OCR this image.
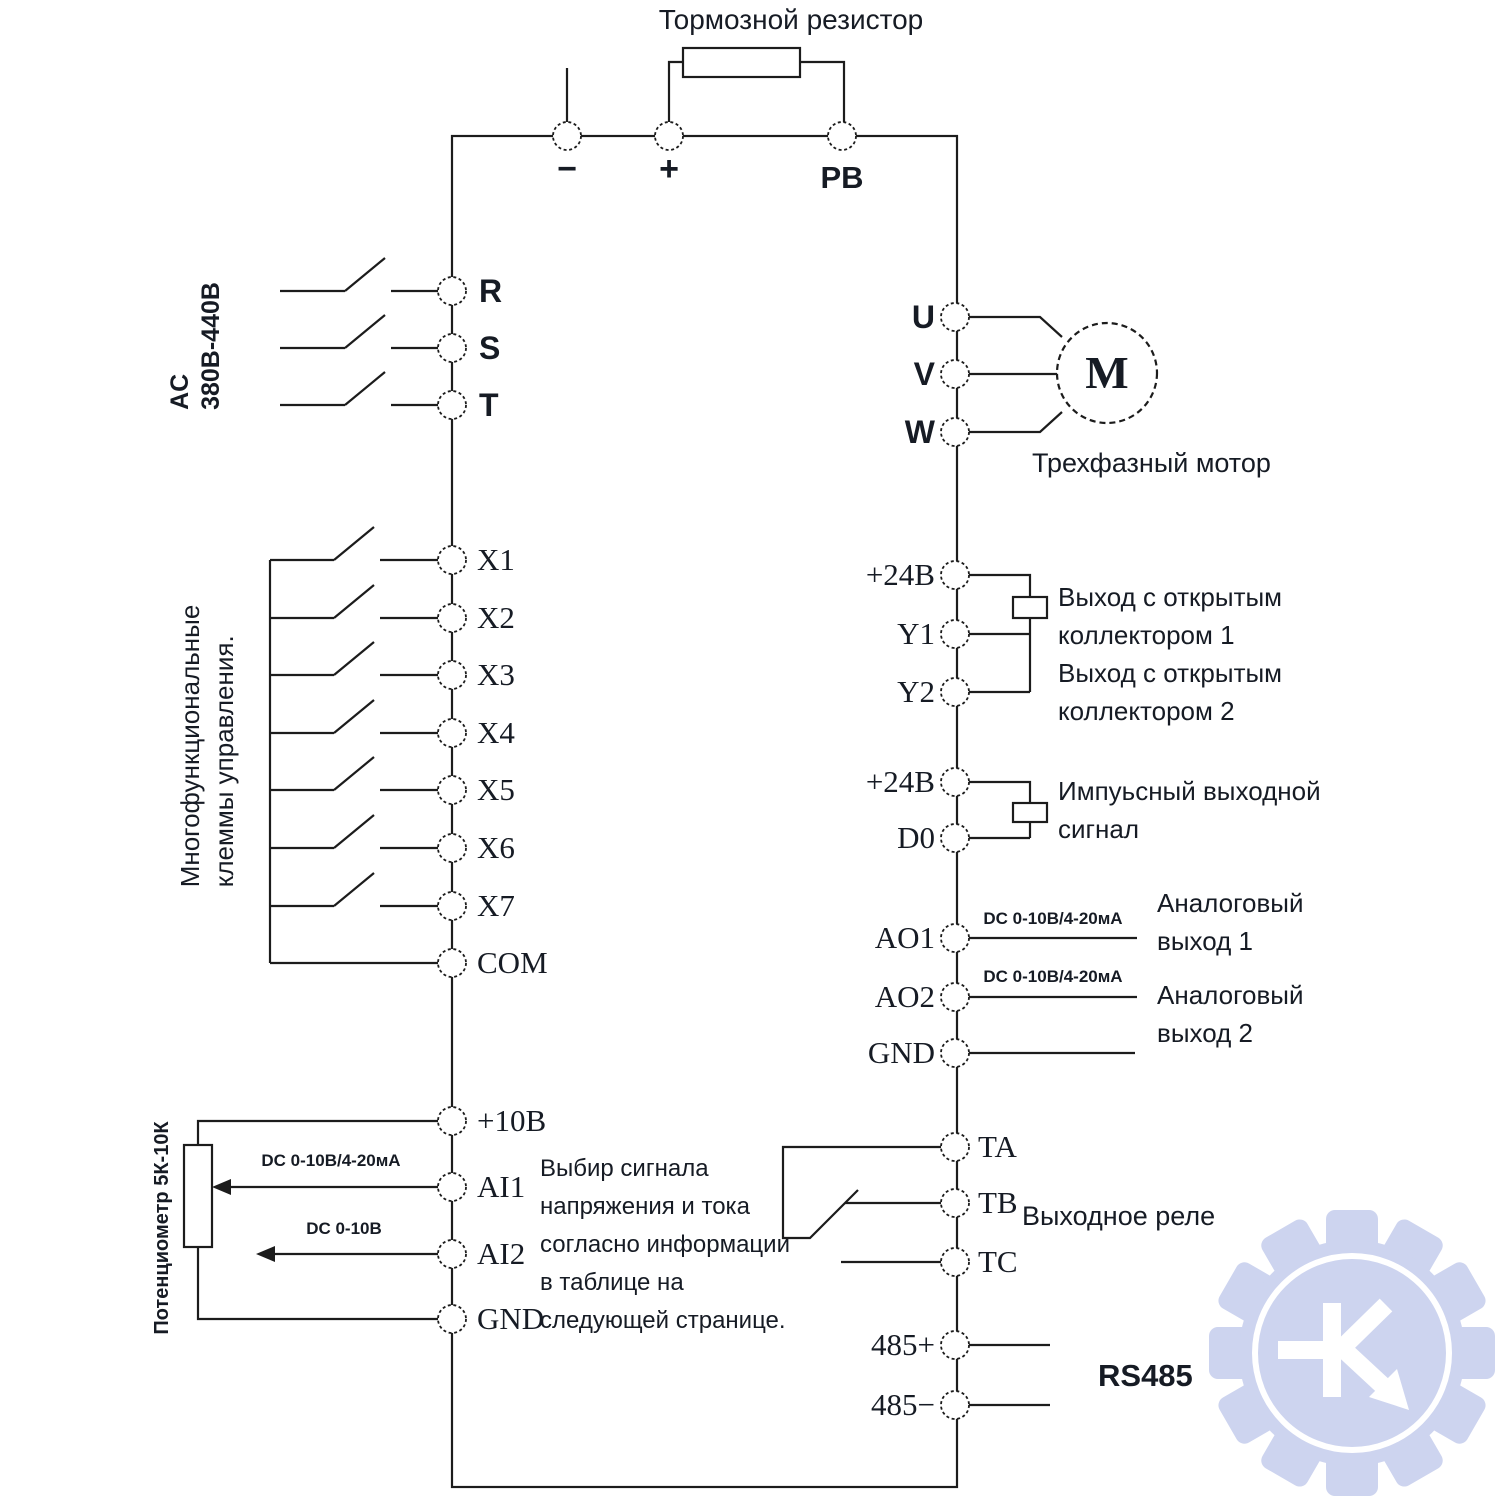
Тормозной резистор
− +	PB
R
S
T
AC 380В-440В
X1
X2
X3
X4
X5
X6
X7
COM
Многофункциональные клеммы управления.
+10В
AI1
AI2
GND
Потенциометр 5К-10К	DC 0-10В/4-20мА
DC 0-10В
Выбир сигнала
напряжения и тока
согласно информации
в таблице на
следующей странице.
U
V
W
M
Трехфазный мотор
+24В
Y1
Y2
Выход с открытым
коллектором 1
Выход с открытым
коллектором 2
+24В
D0
Импуьсный выходной
сигнал
AO1
AO2
GND
DC 0-10В/4-20мА
DC 0-10В/4-20мА
Аналоговый
выход 1
Аналоговый
выход 2
TA
TB
TC
Выходное реле
485+
485−
RS485
